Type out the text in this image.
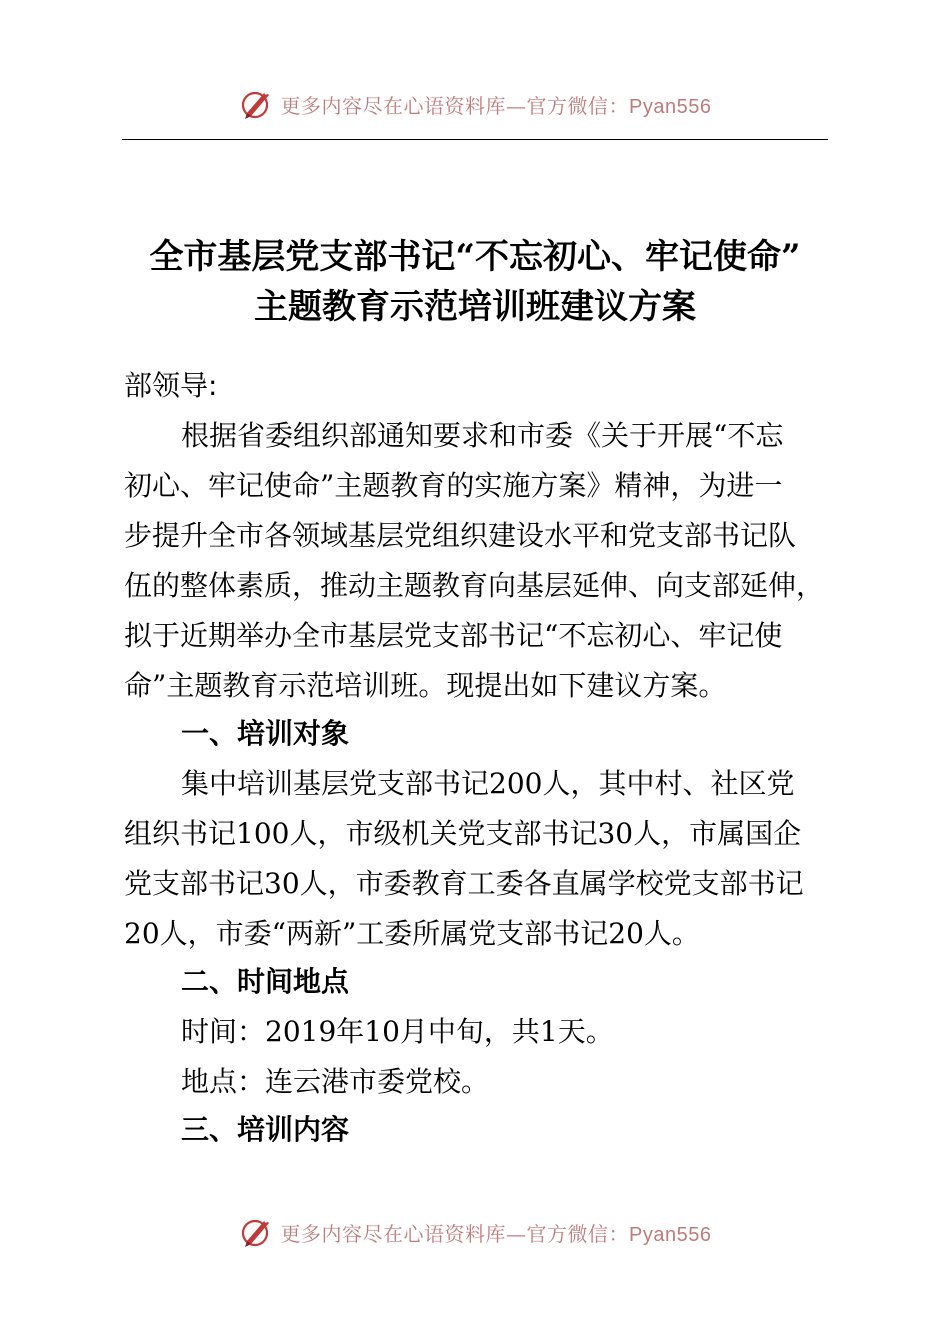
更多内容尽在心语资料库—官方微信：Pyan556
全市基层党支部书记“不忘初心、牢记使命”
主题教育示范培训班建议方案
部领导:
根据省委组织部通知要求和市委《关于开展“不忘
初心、牢记使命”主题教育的实施方案》精神，为进一
步提升全市各领域基层党组织建设水平和党支部书记队
伍的整体素质，推动主题教育向基层延伸、向支部延伸，
拟于近期举办全市基层党支部书记“不忘初心、牢记使
命”主题教育示范培训班。现提出如下建议方案。
一、培训对象
集中培训基层党支部书记200人，其中村、社区党
组织书记100人，市级机关党支部书记30人，市属国企
党支部书记30人，市委教育工委各直属学校党支部书记
20人，市委“两新”工委所属党支部书记20人。
二、时间地点
时间：2019年10月中旬，共1天。
地点：连云港市委党校。
三、培训内容
更多内容尽在心语资料库—官方微信：Pyan556
